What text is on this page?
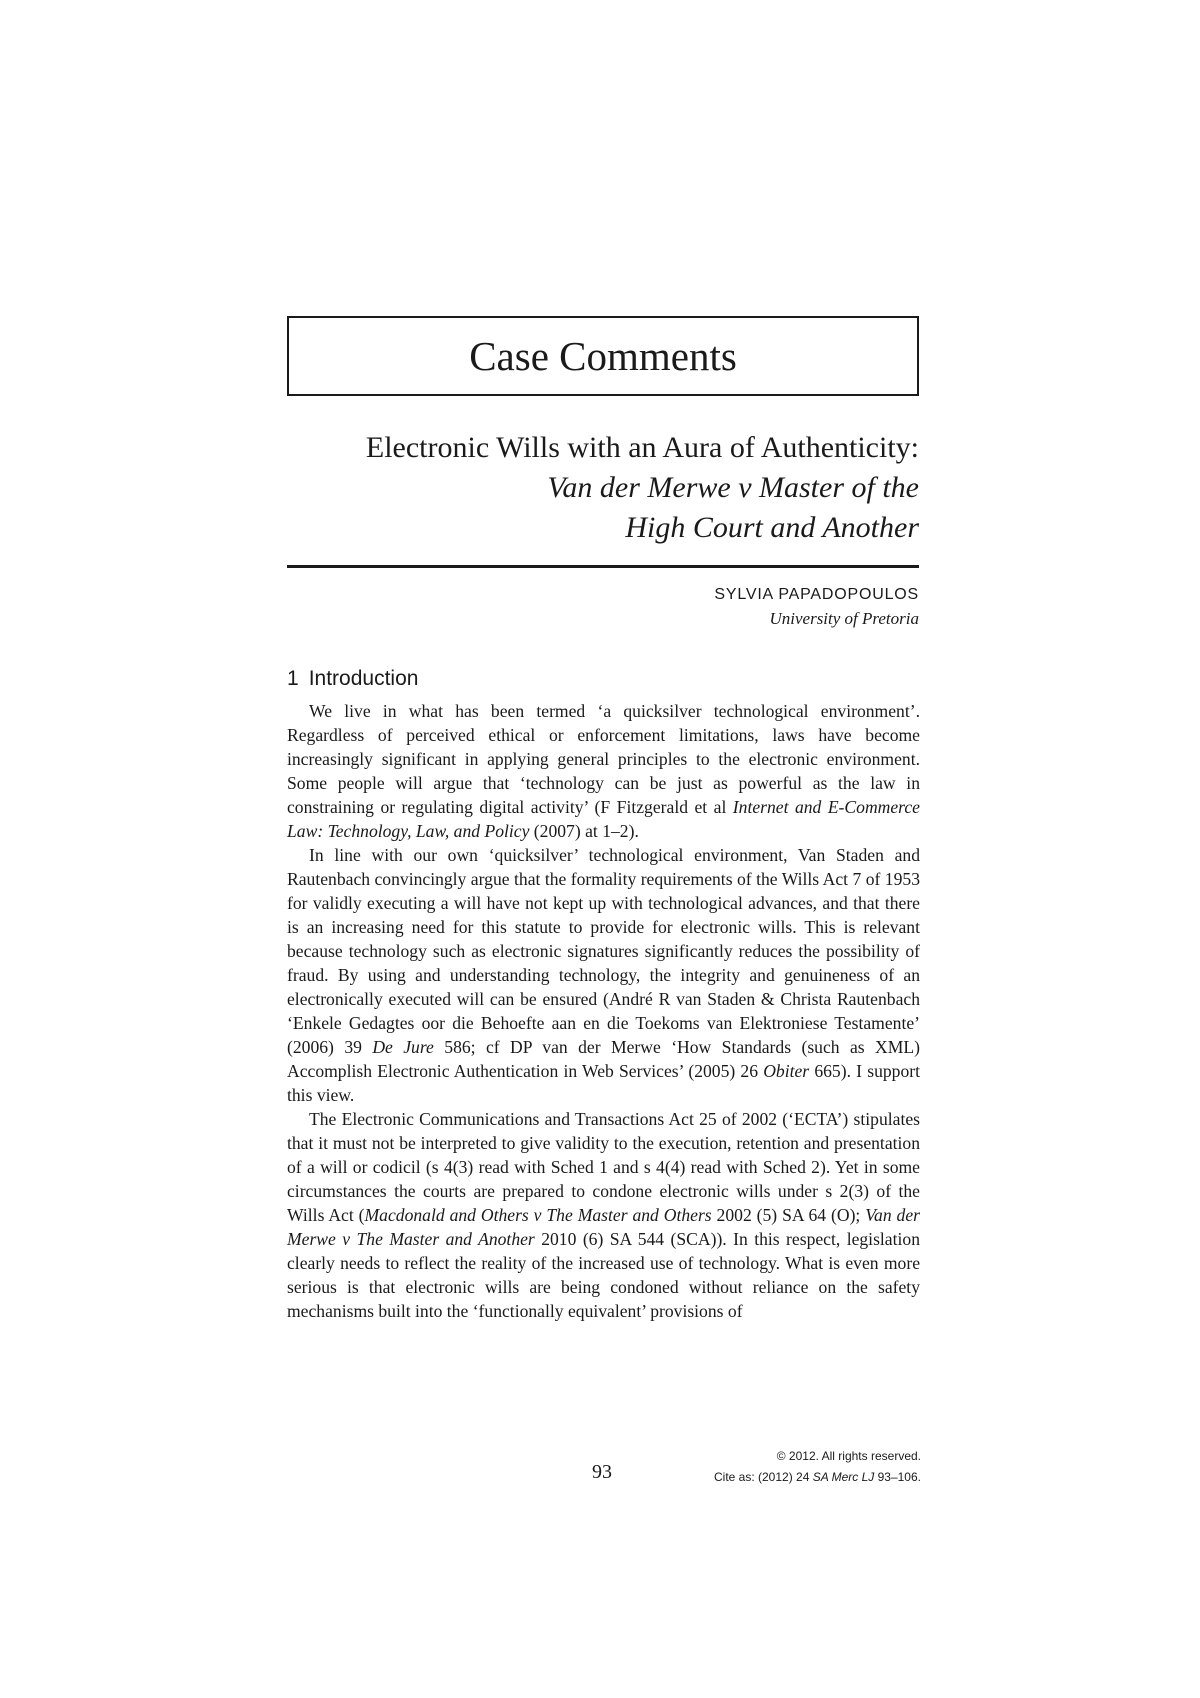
Case Comments
Electronic Wills with an Aura of Authenticity:
Van der Merwe v Master of the
High Court and Another
SYLVIA PAPADOPOULOS
University of Pretoria
1 Introduction

We live in what has been termed ‘a quicksilver technological environment’. Regardless of perceived ethical or enforcement limitations, laws have become increasingly significant in applying general principles to the electronic environment. Some people will argue that ‘technology can be just as powerful as the law in constraining or regulating digital activity’ (F Fitzgerald et al Internet and E-Commerce Law: Technology, Law, and Policy (2007) at 1–2).

In line with our own ‘quicksilver’ technological environment, Van Staden and Rautenbach convincingly argue that the formality requirements of the Wills Act 7 of 1953 for validly executing a will have not kept up with technological advances, and that there is an increasing need for this statute to provide for electronic wills. This is relevant because technology such as electronic signatures significantly reduces the possibility of fraud. By using and understanding technology, the integrity and genuineness of an electronically executed will can be ensured (André R van Staden & Christa Rautenbach ‘Enkele Gedagtes oor die Behoefte aan en die Toekoms van Elektroniese Testamente’ (2006) 39 De Jure 586; cf DP van der Merwe ‘How Standards (such as XML) Accomplish Electronic Authentication in Web Services’ (2005) 26 Obiter 665). I support this view.

The Electronic Communications and Transactions Act 25 of 2002 (‘ECTA’) stipulates that it must not be interpreted to give validity to the execution, retention and presentation of a will or codicil (s 4(3) read with Sched 1 and s 4(4) read with Sched 2). Yet in some circumstances the courts are prepared to condone electronic wills under s 2(3) of the Wills Act (Macdonald and Others v The Master and Others 2002 (5) SA 64 (O); Van der Merwe v The Master and Another 2010 (6) SA 544 (SCA)). In this respect, legislation clearly needs to reflect the reality of the increased use of technology. What is even more serious is that electronic wills are being condoned without reliance on the safety mechanisms built into the ‘functionally equivalent’ provisions of

93
© 2012. All rights reserved.
Cite as: (2012) 24 SA Merc LJ 93–106.
